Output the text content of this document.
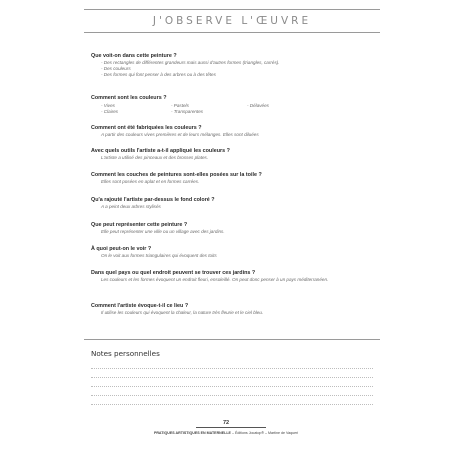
J'OBSERVE L'ŒUVRE
Que voit-on dans cette peinture ?
- Des rectangles de différentes grandeurs mais aussi d'autres formes (triangles, carrés).
- Des couleurs
- Des formes qui font penser à des arbres ou à des têtes
Comment sont les couleurs ?
- Vives	- Pastels	- Délavées
- Claires	- Transparentes
Comment ont été fabriquées les couleurs ?
A partir des couleurs vives premières et de leurs mélanges. Elles sont diluées
Avec quels outils l'artiste a-t-il appliqué les couleurs ?
L'artiste a utilisé des pinceaux et des brosses plates.
Comment les couches de peintures sont-elles posées sur la toile ?
Elles sont posées en aplat et en formes carrées.
Qu'a rajouté l'artiste par-dessus le fond coloré ?
A a peint deux arbres stylisés
Que peut représenter cette peinture ?
Elle peut représenter une ville ou un village avec des jardins.
À quoi peut-on le voir ?
On le voit aux formes triangulaires qui évoquent des toits
Dans quel pays ou quel endroit peuvent se trouver ces jardins ?
Les couleurs et les formes évoquent un endroit fleuri, ensoleillé. On peut donc penser à un pays méditerranéen.
Comment l'artiste évoque-t-il ce lieu ?
Il utilise les couleurs qui évoquent la chaleur, la nature très fleurie et le ciel bleu.
Notes personnelles
72
PRATIQUES ARTISTIQUES EN MATERNELLE – Éditions Jocatop® – Martine de Vaqueri
